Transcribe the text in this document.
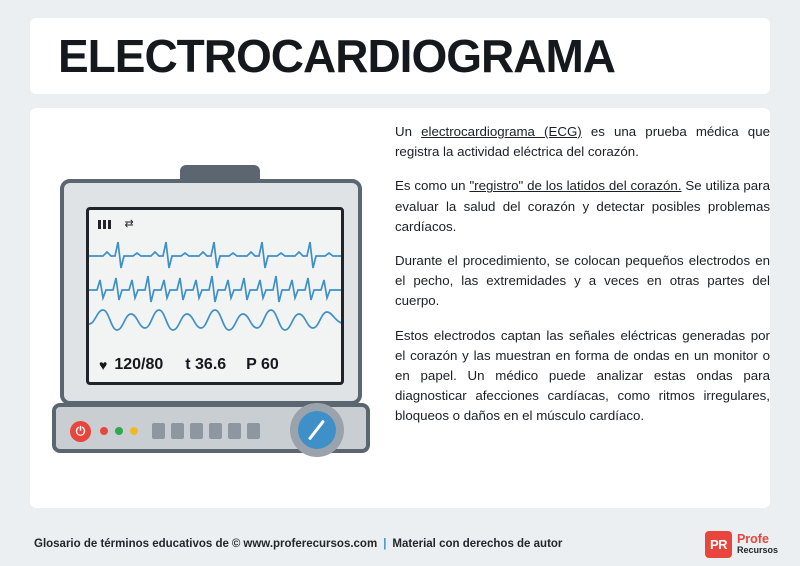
ELECTROCARDIOGRAMA
⇄
♥ 120/80 t 36.6 P 60
⏻

Un electrocardiograma (ECG) es una prueba médica que registra la actividad eléctrica del corazón.

Es como un "registro" de los latidos del corazón. Se utiliza para evaluar la salud del corazón y detectar posibles problemas cardíacos.

Durante el procedimiento, se colocan pequeños electrodos en el pecho, las extremidades y a veces en otras partes del cuerpo.

Estos electrodos captan las señales eléctricas generadas por el corazón y las muestran en forma de ondas en un monitor o en papel. Un médico puede analizar estas ondas para diagnosticar afecciones cardíacas, como ritmos irregulares, bloqueos o daños en el músculo cardíaco.

Glosario de términos educativos de © www.proferecursos.com | Material con derechos de autor	PR Profe
Recursos
